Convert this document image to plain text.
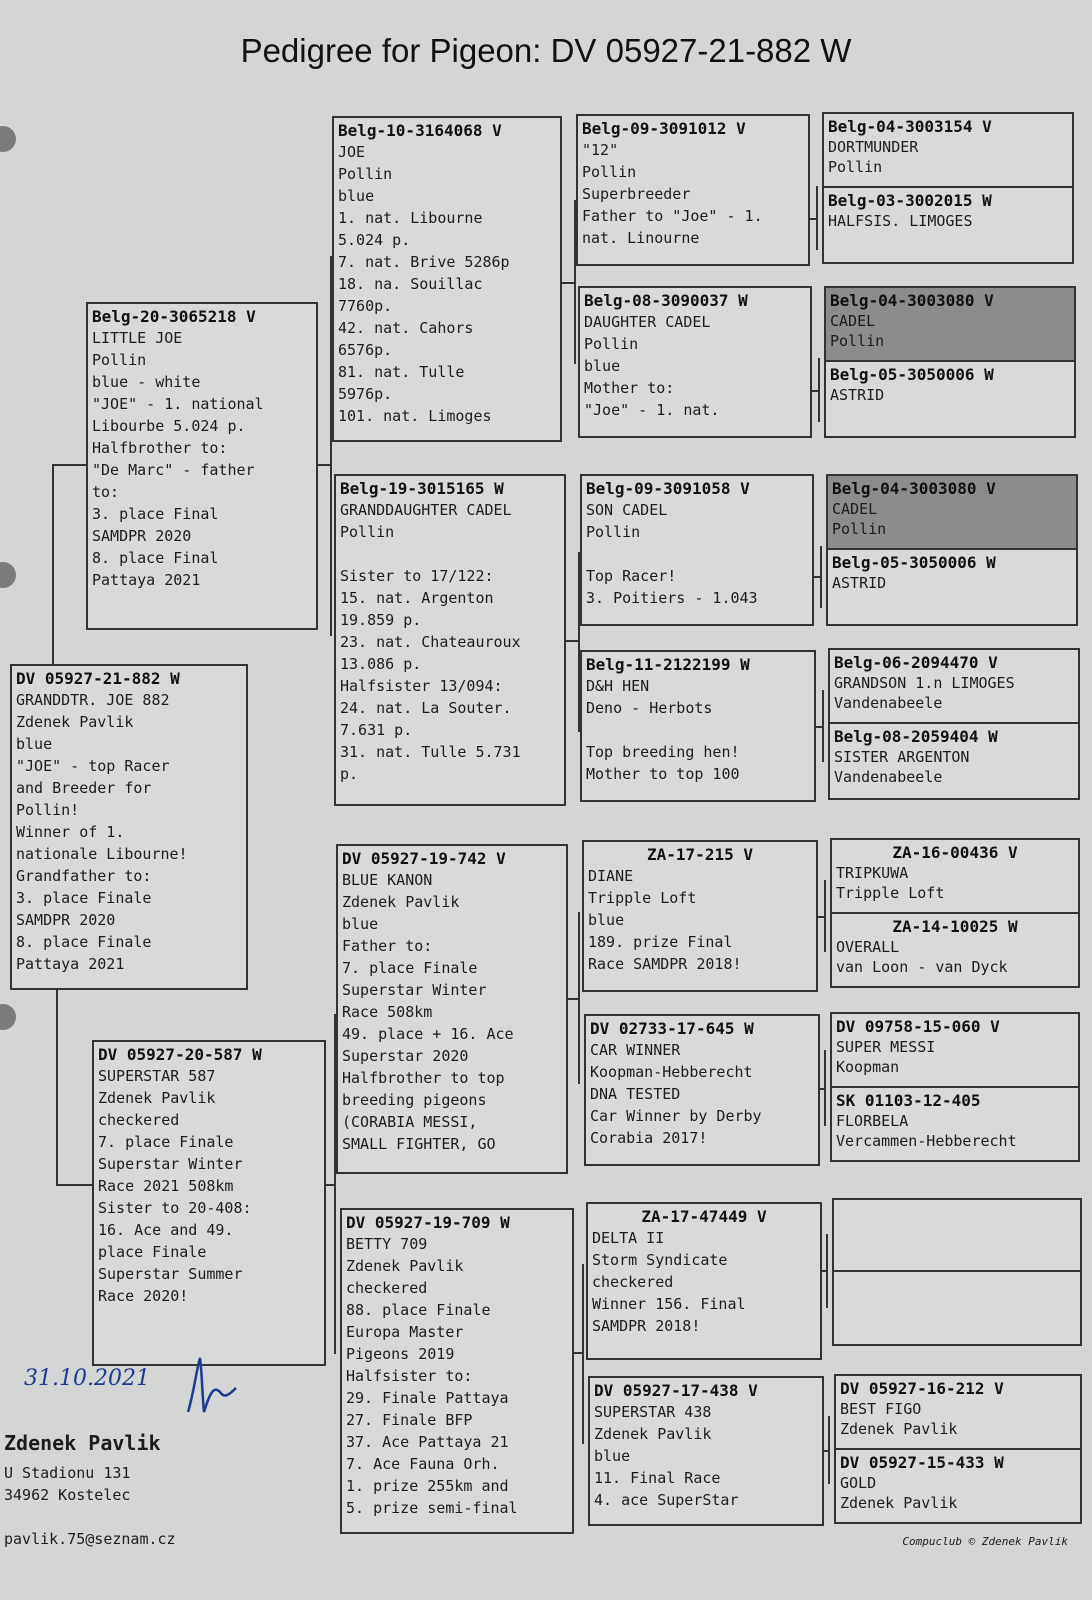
Pedigree for Pigeon: DV 05927-21-882 W
DV 05927-21-882 W
GRANDDTR. JOE 882
Zdenek Pavlik
blue
"JOE" - top Racer
and Breeder for
Pollin!
Winner of 1.
nationale Libourne!
Grandfather to:
3. place Finale
SAMDPR 2020
8. place Finale
Pattaya 2021
Belg-20-3065218 V
LITTLE JOE
Pollin
blue - white
"JOE" - 1. national
Libourbe 5.024 p.
Halfbrother to:
"De Marc" - father
to:
3. place Final
SAMDPR 2020
8. place Final
Pattaya 2021
DV 05927-20-587 W
SUPERSTAR 587
Zdenek Pavlik
checkered
7. place Finale
Superstar Winter
Race 2021 508km
Sister to 20-408:
16. Ace and 49.
place Finale
Superstar Summer
Race 2020!
Belg-10-3164068 V
JOE
Pollin
blue
1. nat. Libourne
5.024 p.
7. nat. Brive 5286p
18. na. Souillac
7760p.
42. nat. Cahors
6576p.
81. nat. Tulle
5976p.
101. nat. Limoges
Belg-19-3015165 W
GRANDDAUGHTER CADEL
Pollin
Sister to 17/122:
15. nat. Argenton
19.859 p.
23. nat. Chateauroux
13.086 p.
Halfsister 13/094:
24. nat. La Souter.
7.631 p.
31. nat. Tulle 5.731
p.
DV 05927-19-742 V
BLUE KANON
Zdenek Pavlik
blue
Father to:
7. place Finale
Superstar Winter
Race 508km
49. place + 16. Ace
Superstar 2020
Halfbrother to top
breeding pigeons
(CORABIA MESSI,
SMALL FIGHTER, GO
DV 05927-19-709 W
BETTY 709
Zdenek Pavlik
checkered
88. place Finale
Europa Master
Pigeons 2019
Halfsister to:
29. Finale Pattaya
27. Finale BFP
37. Ace Pattaya 21
7. Ace Fauna Orh.
1. prize 255km and
5. prize semi-final
Belg-09-3091012 V
"12"
Pollin
Superbreeder
Father to "Joe" - 1.
nat. Linourne
Belg-08-3090037 W
DAUGHTER CADEL
Pollin
blue
Mother to:
"Joe" - 1. nat.
Belg-09-3091058 V
SON CADEL
Pollin
Top Racer!
3. Poitiers - 1.043
Belg-11-2122199 W
D&H HEN
Deno - Herbots
Top breeding hen!
Mother to top 100
ZA-17-215 V
DIANE
Tripple Loft
blue
189. prize Final
Race SAMDPR 2018!
DV 02733-17-645 W
CAR WINNER
Koopman-Hebberecht
DNA TESTED
Car Winner by Derby
Corabia 2017!
ZA-17-47449 V
DELTA II
Storm Syndicate
checkered
Winner 156. Final
SAMDPR 2018!
DV 05927-17-438 V
SUPERSTAR 438
Zdenek Pavlik
blue
11. Final Race
4. ace SuperStar
Belg-04-3003154 V
DORTMUNDER
Pollin
Belg-03-3002015 W
HALFSIS. LIMOGES
Belg-04-3003080 V
CADEL
Pollin
Belg-05-3050006 W
ASTRID
Belg-04-3003080 V
CADEL
Pollin
Belg-05-3050006 W
ASTRID
Belg-06-2094470 V
GRANDSON 1.n LIMOGES
Vandenabeele
Belg-08-2059404 W
SISTER ARGENTON
Vandenabeele
ZA-16-00436 V
TRIPKUWA
Tripple Loft
ZA-14-10025 W
OVERALL
van Loon - van Dyck
DV 09758-15-060 V
SUPER MESSI
Koopman
SK 01103-12-405
FLORBELA
Vercammen-Hebberecht
DV 05927-16-212 V
BEST FIGO
Zdenek Pavlik
DV 05927-15-433 W
GOLD
Zdenek Pavlik
31.10.2021
Zdenek Pavlik
U Stadionu 131
34962 Kostelec
pavlik.75@seznam.cz	Compuclub © Zdenek Pavlik
